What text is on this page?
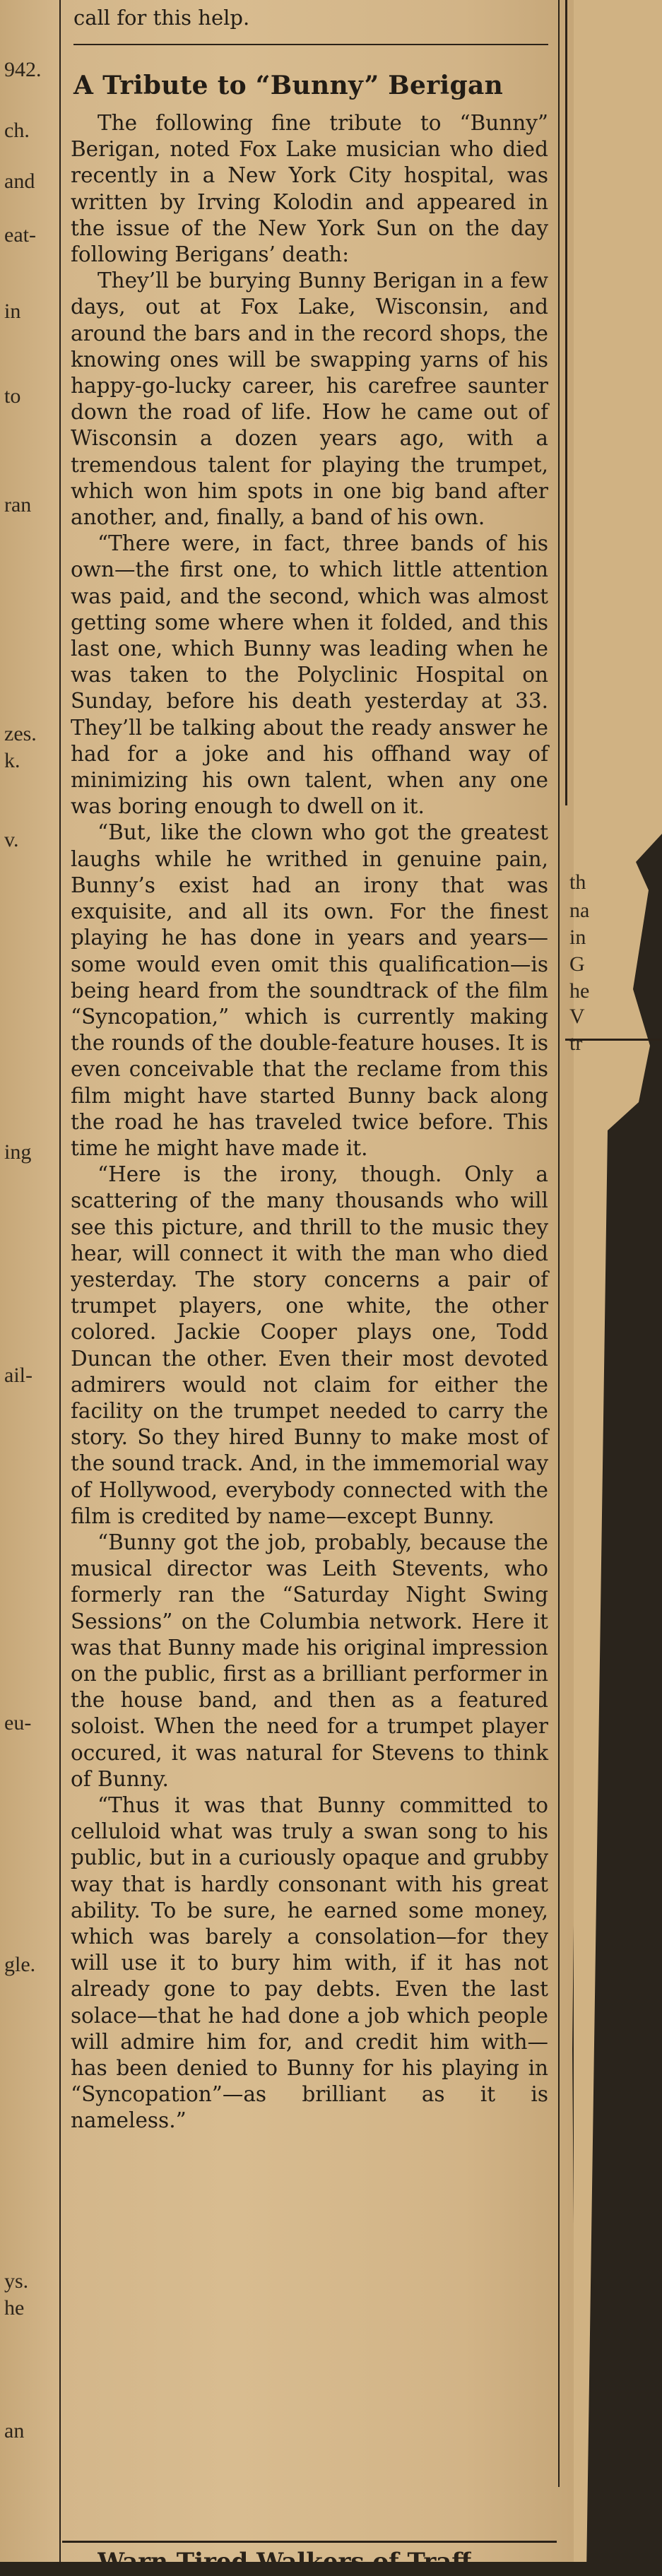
942.
ch.
and
eat-
in
to
ran
zes.
k.
v.
ing
ail-
eu-
gle.
ys.
he
an
th
na
in
G
he
V
tr
call for this help.
A Tribute to “Bunny” Berigan

The following fine tribute to “Bunny” Berigan, noted Fox Lake musician who died recently in a New York City hospital, was written by Irving Kolodin and appeared in the issue of the New York Sun on the day following Berigans’ death:

They’ll be burying Bunny Berigan in a few days, out at Fox Lake, Wisconsin, and around the bars and in the record shops, the knowing ones will be swapping yarns of his happy-go-lucky career, his carefree saunter down the road of life. How he came out of Wisconsin a dozen years ago, with a tremendous talent for playing the trumpet, which won him spots in one big band after another, and, finally, a band of his own.

“There were, in fact, three bands of his own—the first one, to which little attention was paid, and the second, which was almost getting some where when it folded, and this last one, which Bunny was leading when he was taken to the Polyclinic Hospital on Sunday, before his death yesterday at 33. They’ll be talking about the ready answer he had for a joke and his offhand way of minimizing his own talent, when any one was boring enough to dwell on it.

“But, like the clown who got the greatest laughs while he writhed in genuine pain, Bunny’s exist had an irony that was exquisite, and all its own. For the finest playing he has done in years and years—some would even omit this qualification—is being heard from the soundtrack of the film “Syncopation,” which is currently making the rounds of the double-feature houses. It is even conceivable that the reclame from this film might have started Bunny back along the road he has traveled twice before. This time he might have made it.

“Here is the irony, though. Only a scattering of the many thousands who will see this picture, and thrill to the music they hear, will connect it with the man who died yesterday. The story concerns a pair of trumpet players, one white, the other colored. Jackie Cooper plays one, Todd Duncan the other. Even their most devoted admirers would not claim for either the facility on the trumpet needed to carry the story. So they hired Bunny to make most of the sound track. And, in the immemorial way of Hollywood, everybody connected with the film is credited by name—except Bunny.

“Bunny got the job, probably, because the musical director was Leith Stevents, who formerly ran the “Saturday Night Swing Sessions” on the Columbia network. Here it was that Bunny made his original impression on the public, first as a brilliant performer in the house band, and then as a featured soloist. When the need for a trumpet player occured, it was natural for Stevens to think of Bunny.

“Thus it was that Bunny committed to celluloid what was truly a swan song to his public, but in a curiously opaque and grubby way that is hardly consonant with his great ability. To be sure, he earned some money, which was barely a consolation—for they will use it to bury him with, if it has not already gone to pay debts. Even the last solace—that he had done a job which people will admire him for, and credit him with—has been denied to Bunny for his playing in “Syncopation”—as brilliant as it is nameless.”
